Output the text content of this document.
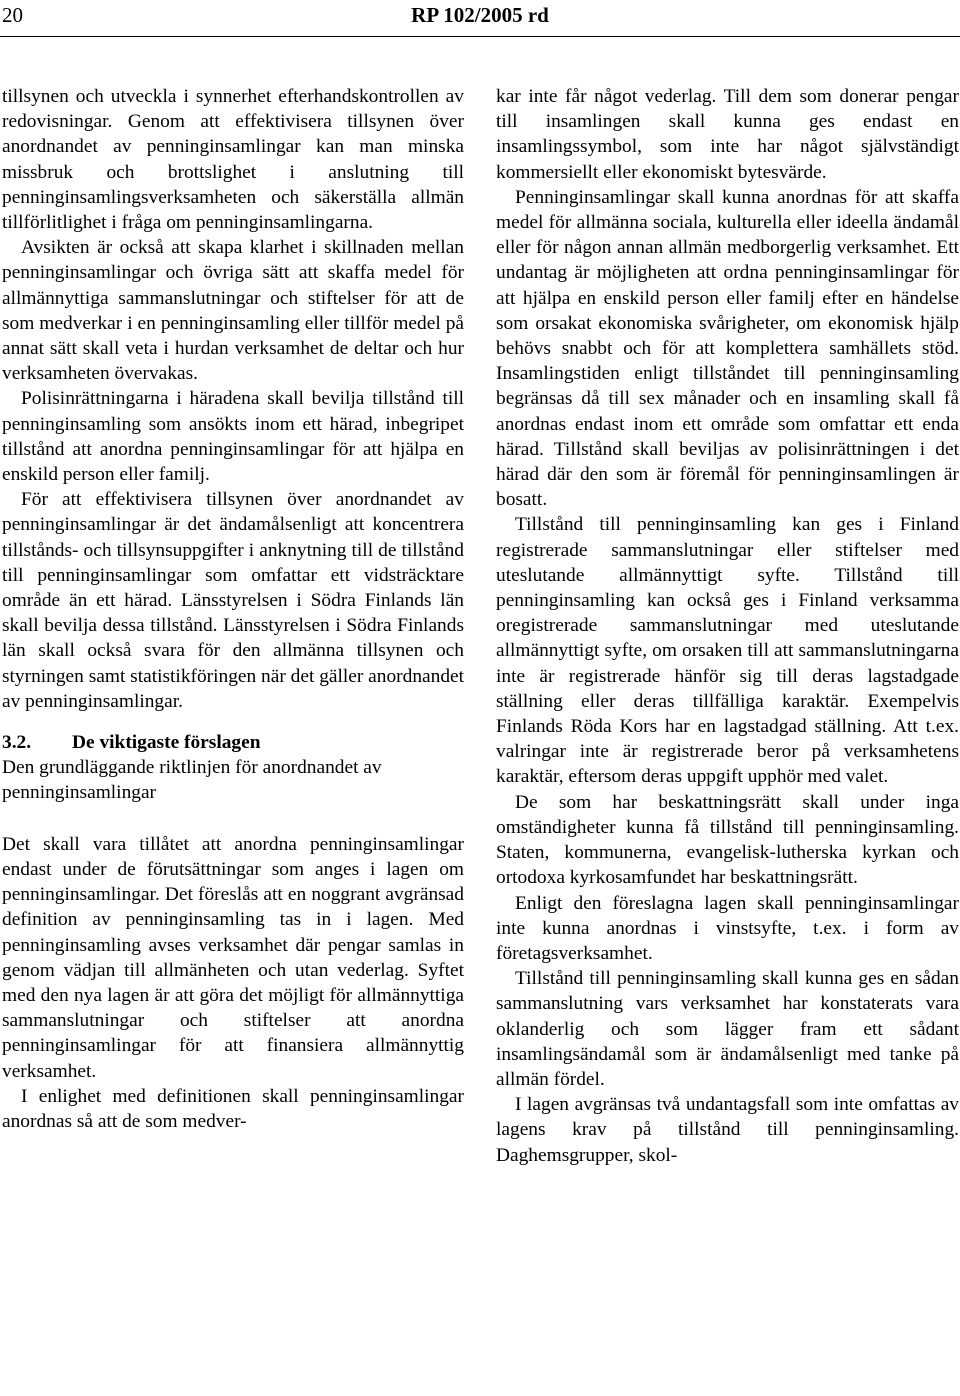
20	RP 102/2005 rd

tillsynen och utveckla i synnerhet efterhandskontrollen av redovisningar. Genom att effektivisera tillsynen över anordnandet av penninginsamlingar kan man minska missbruk och brottslighet i anslutning till penninginsamlingsverksamheten och säkerställa allmän tillförlitlighet i fråga om penninginsamlingarna.

Avsikten är också att skapa klarhet i skillnaden mellan penninginsamlingar och övriga sätt att skaffa medel för allmännyttiga sammanslutningar och stiftelser för att de som medverkar i en penninginsamling eller tillför medel på annat sätt skall veta i hurdan verksamhet de deltar och hur verksamheten övervakas.

Polisinrättningarna i häradena skall bevilja tillstånd till penninginsamling som ansökts inom ett härad, inbegripet tillstånd att anordna penninginsamlingar för att hjälpa en enskild person eller familj.

För att effektivisera tillsynen över anordnandet av penninginsamlingar är det ändamålsenligt att koncentrera tillstånds- och tillsynsuppgifter i anknytning till de tillstånd till penninginsamlingar som omfattar ett vidsträcktare område än ett härad. Länsstyrelsen i Södra Finlands län skall bevilja dessa tillstånd. Länsstyrelsen i Södra Finlands län skall också svara för den allmänna tillsynen och styrningen samt statistikföringen när det gäller anordnandet av penninginsamlingar.

3.2. De viktigaste förslagen

Den grundläggande riktlinjen för anordnandet av penninginsamlingar

Det skall vara tillåtet att anordna penninginsamlingar endast under de förutsättningar som anges i lagen om penninginsamlingar. Det föreslås att en noggrant avgränsad definition av penninginsamling tas in i lagen. Med penninginsamling avses verksamhet där pengar samlas in genom vädjan till allmänheten och utan vederlag. Syftet med den nya lagen är att göra det möjligt för allmännyttiga sammanslutningar och stiftelser att anordna penninginsamlingar för att finansiera allmännyttig verksamhet.

I enlighet med definitionen skall penninginsamlingar anordnas så att de som medver-

kar inte får något vederlag. Till dem som donerar pengar till insamlingen skall kunna ges endast en insamlingssymbol, som inte har något självständigt kommersiellt eller ekonomiskt bytesvärde.

Penninginsamlingar skall kunna anordnas för att skaffa medel för allmänna sociala, kulturella eller ideella ändamål eller för någon annan allmän medborgerlig verksamhet. Ett undantag är möjligheten att ordna penninginsamlingar för att hjälpa en enskild person eller familj efter en händelse som orsakat ekonomiska svårigheter, om ekonomisk hjälp behövs snabbt och för att komplettera samhällets stöd. Insamlingstiden enligt tillståndet till penninginsamling begränsas då till sex månader och en insamling skall få anordnas endast inom ett område som omfattar ett enda härad. Tillstånd skall beviljas av polisinrättningen i det härad där den som är föremål för penninginsamlingen är bosatt.

Tillstånd till penninginsamling kan ges i Finland registrerade sammanslutningar eller stiftelser med uteslutande allmännyttigt syfte. Tillstånd till penninginsamling kan också ges i Finland verksamma oregistrerade sammanslutningar med uteslutande allmännyttigt syfte, om orsaken till att sammanslutningarna inte är registrerade hänför sig till deras lagstadgade ställning eller deras tillfälliga karaktär. Exempelvis Finlands Röda Kors har en lagstadgad ställning. Att t.ex. valringar inte är registrerade beror på verksamhetens karaktär, eftersom deras uppgift upphör med valet.

De som har beskattningsrätt skall under inga omständigheter kunna få tillstånd till penninginsamling. Staten, kommunerna, evangelisk-lutherska kyrkan och ortodoxa kyrkosamfundet har beskattningsrätt.

Enligt den föreslagna lagen skall penninginsamlingar inte kunna anordnas i vinstsyfte, t.ex. i form av företagsverksamhet.

Tillstånd till penninginsamling skall kunna ges en sådan sammanslutning vars verksamhet har konstaterats vara oklanderlig och som lägger fram ett sådant insamlingsändamål som är ändamålsenligt med tanke på allmän fördel.

I lagen avgränsas två undantagsfall som inte omfattas av lagens krav på tillstånd till penninginsamling. Daghemsgrupper, skol-
